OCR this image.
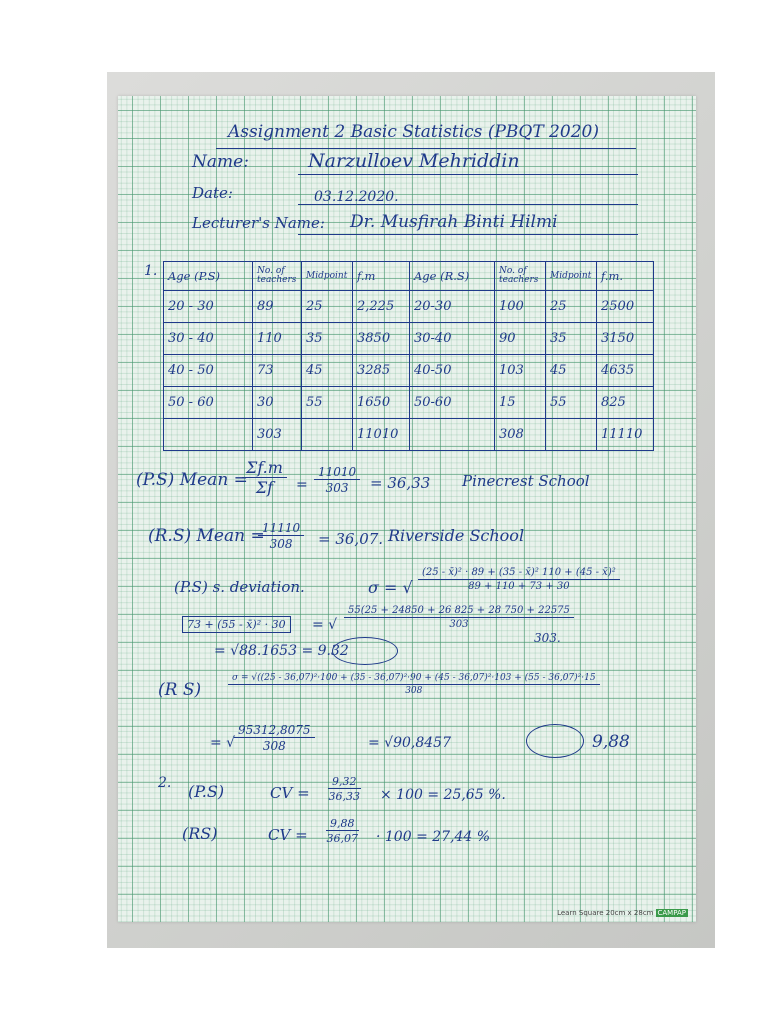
Assignment 2 Basic Statistics (PBQT 2020)
Name:	Narzulloev Mehriddin
Date:	03.12.2020.
Lecturer's Name: Dr. Musfirah Binti Hilmi
1. Age (P.S)	No. of teachers	Midpoint	f.m	Age (R.S)	No. of teachers	Midpoint	f.m.
20 - 30	89	25	2,225	20-30	100	25	2500
30 - 40	110	35	3850	30-40	90	35	3150
40 - 50	73	45	3285	40-50	103	45	4635
50 - 60	30	55	1650	50-60	15	55	825
	303		11010		308		11110
(P.S) Mean =
$\frac{\Sigma f.m}{\Sigma f} = \frac{11010}{303} = 36,33$ Pinecrest School
(R.S) Mean =
$\frac{11110}{308} = 36,07$. Riverside School
(P.S) s. deviation.	σ = √ $\frac{\text{(25 - x̄)² · 89 + (35 - x̄)² 110 + (45 - x̄)²}}{89 + 110 + 73 + 30}$
73 + (55 - x̄)² · 30	= √ $\frac{55(25 + 24850 + 26 825 + 28 750 + 22575}{303}$
303.
= √88.1653 = 9.32
(R S)
σ = √((25 - 36,07)²·100 + (35 - 36,07)²·90 + (45 - 36,07)²·103 + (55 - 36,07)²·15
308
= √
$\frac{95312,8075}{308}$	= √90,8457	9,88
2. (P.S)	CV = $\frac{9,32}{36,33} \times 100 = 25,65$ %.
(RS)	CV = $\frac{9,88}{36,07} \cdot 100 = 27,44$ %
Learn Square 20cm x 28cm CAMPAP
